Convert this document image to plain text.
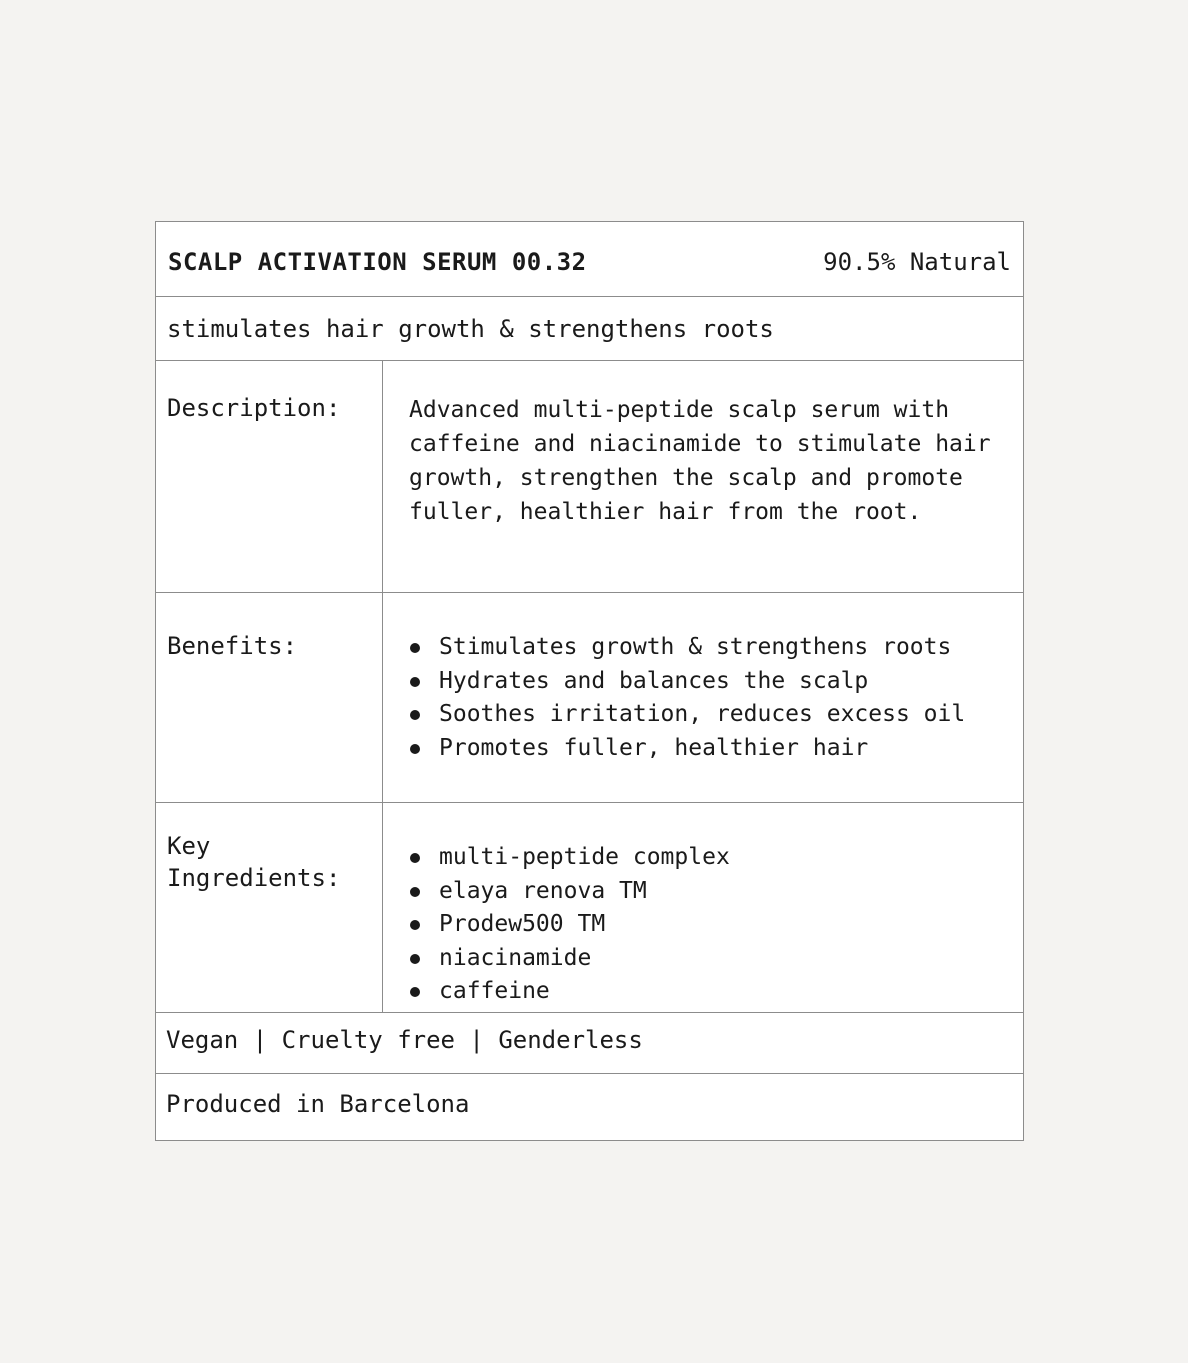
SCALP ACTIVATION SERUM 00.32	90.5% Natural
stimulates hair growth & strengthens roots
Description:	Advanced multi-peptide scalp serum with caffeine and niacinamide to stimulate hair growth, strengthen the scalp and promote fuller, healthier hair from the root.
Benefits:	Stimulates growth & strengthens roots
Hydrates and balances the scalp
Soothes irritation, reduces excess oil
Promotes fuller, healthier hair
Key Ingredients:
multi-peptide complex
elaya renova TM
Prodew500 TM
niacinamide
caffeine
Vegan | Cruelty free | Genderless
Produced in Barcelona
